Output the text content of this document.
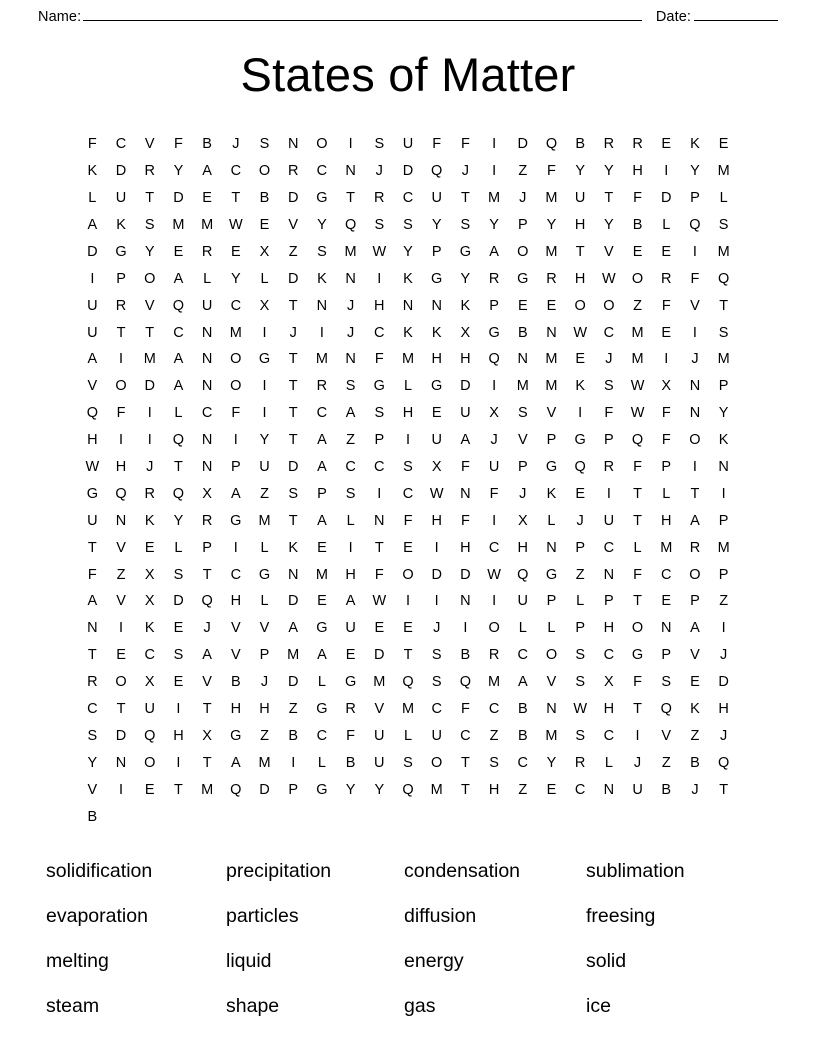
Name:	Date:
States of Matter
F	C	V	F	B	J	S	N	O	I	S	U	F	F	I	D	Q	B	R	R	E	K	E
K	D	R	Y	A	C	O	R	C	N	J	D	Q	J	I	Z	F	Y	Y	H	I	Y	M
L	U	T	D	E	T	B	D	G	T	R	C	U	T	M	J	M	U	T	F	D	P	L
A	K	S	M	M	W	E	V	Y	Q	S	S	Y	S	Y	P	Y	H	Y	B	L	Q	S
D	G	Y	E	R	E	X	Z	S	M	W	Y	P	G	A	O	M	T	V	E	E	I	M
I	P	O	A	L	Y	L	D	K	N	I	K	G	Y	R	G	R	H	W	O	R	F	Q
U	R	V	Q	U	C	X	T	N	J	H	N	N	K	P	E	E	O	O	Z	F	V	T
U	T	T	C	N	M	I	J	I	J	C	K	K	X	G	B	N	W	C	M	E	I	S
A	I	M	A	N	O	G	T	M	N	F	M	H	H	Q	N	M	E	J	M	I	J	M
V	O	D	A	N	O	I	T	R	S	G	L	G	D	I	M	M	K	S	W	X	N	P
Q	F	I	L	C	F	I	T	C	A	S	H	E	U	X	S	V	I	F	W	F	N	Y
H	I	I	Q	N	I	Y	T	A	Z	P	I	U	A	J	V	P	G	P	Q	F	O	K
W	H	J	T	N	P	U	D	A	C	C	S	X	F	U	P	G	Q	R	F	P	I	N
G	Q	R	Q	X	A	Z	S	P	S	I	C	W	N	F	J	K	E	I	T	L	T	I
U	N	K	Y	R	G	M	T	A	L	N	F	H	F	I	X	L	J	U	T	H	A	P
T	V	E	L	P	I	L	K	E	I	T	E	I	H	C	H	N	P	C	L	M	R	M
F	Z	X	S	T	C	G	N	M	H	F	O	D	D	W	Q	G	Z	N	F	C	O	P
A	V	X	D	Q	H	L	D	E	A	W	I	I	N	I	U	P	L	P	T	E	P	Z
N	I	K	E	J	V	V	A	G	U	E	E	J	I	O	L	L	P	H	O	N	A	I
T	E	C	S	A	V	P	M	A	E	D	T	S	B	R	C	O	S	C	G	P	V	J
R	O	X	E	V	B	J	D	L	G	M	Q	S	Q	M	A	V	S	X	F	S	E	D
C	T	U	I	T	H	H	Z	G	R	V	M	C	F	C	B	N	W	H	T	Q	K	H
S	D	Q	H	X	G	Z	B	C	F	U	L	U	C	Z	B	M	S	C	I	V	Z	J
Y	N	O	I	T	A	M	I	L	B	U	S	O	T	S	C	Y	R	L	J	Z	B	Q
V	I	E	T	M	Q	D	P	G	Y	Y	Q	M	T	H	Z	E	C	N	U	B	J	T
B
solidification	precipitation	condensation	sublimation
evaporation	particles	diffusion	freesing
melting	liquid	energy	solid
steam	shape	gas	ice
